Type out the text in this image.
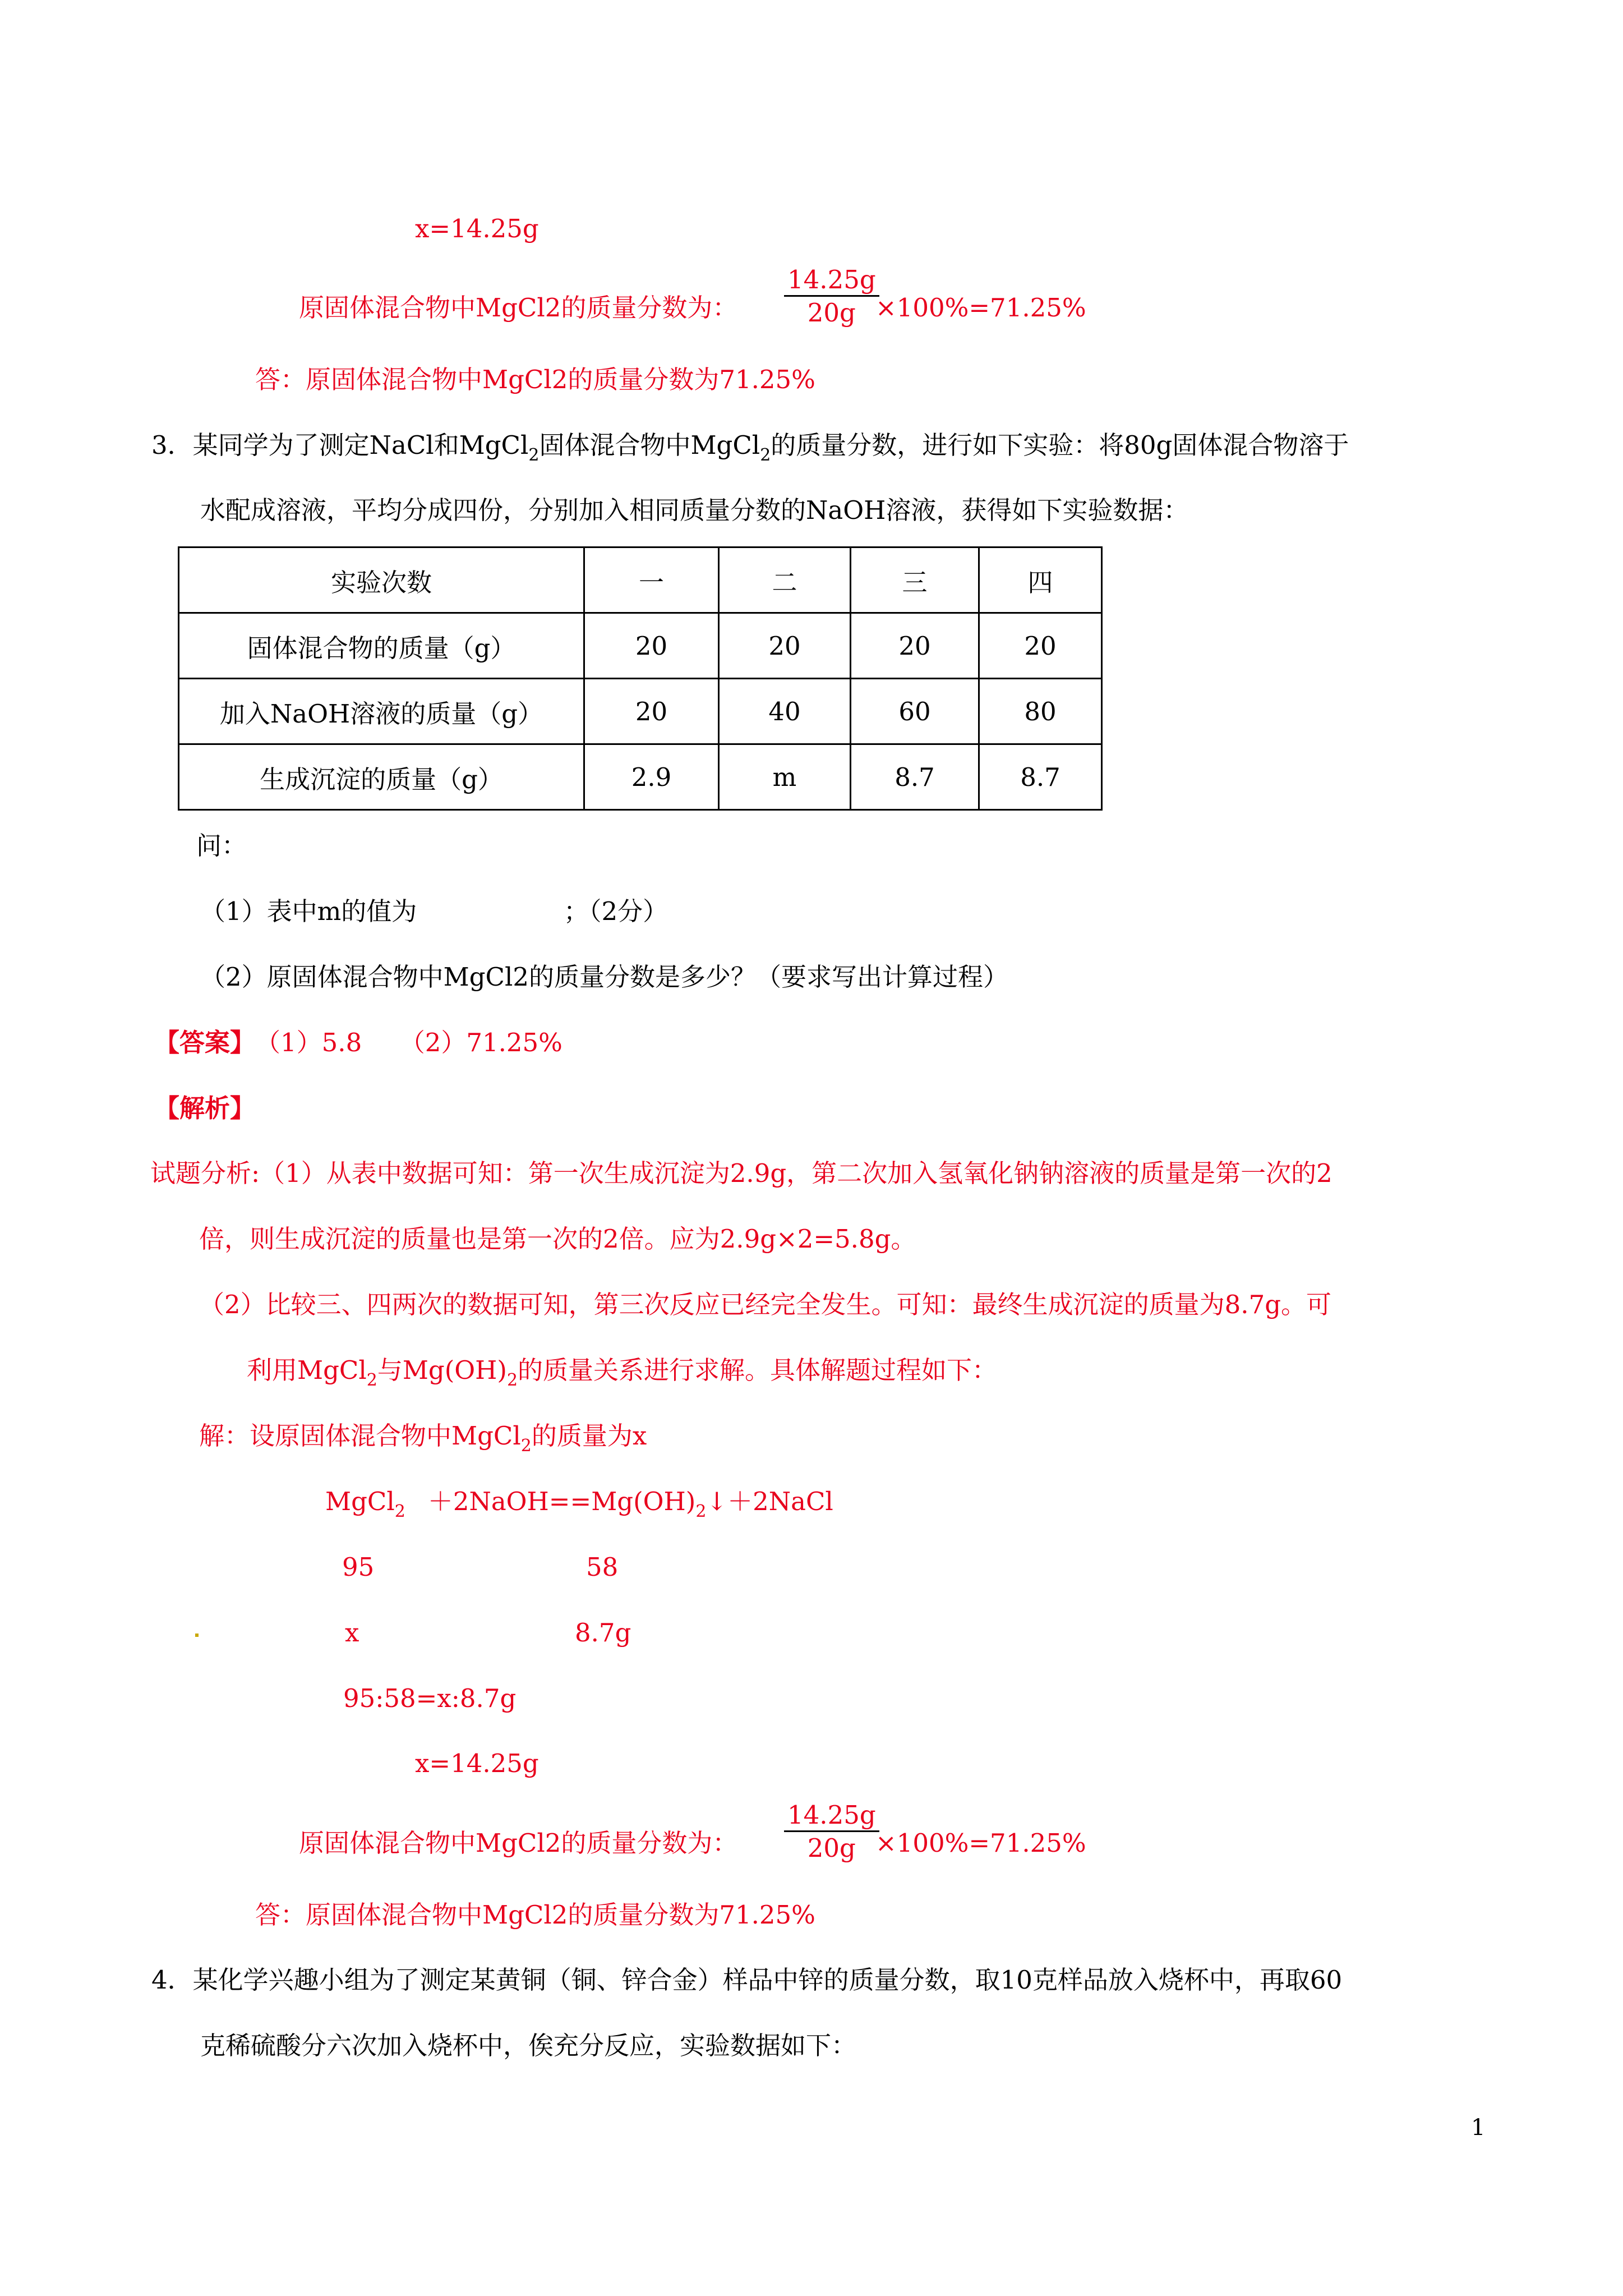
x=14.25g
原固体混合物中MgCl2的质量分数为：
14.25g
20g ×100%=71.25%
答：原固体混合物中MgCl2的质量分数为71.25%
3．某同学为了测定NaCl和MgCl$_2$固体混合物中MgCl$_2$的质量分数，进行如下实验：将80g固体混合物溶于
水配成溶液，平均分成四份，分别加入相同质量分数的NaOH溶液，获得如下实验数据：
实验次数	一	二	三	四
固体混合物的质量（g）	20	20	20	20
加入NaOH溶液的质量（g）	20	40	60	80
生成沉淀的质量（g）	2.9	m	8.7	8.7
问：
（1）表中m的值为	；（2分）
（2）原固体混合物中MgCl2的质量分数是多少？（要求写出计算过程）
【答案】 （1）5.8　　（2）71.25%
【解析】
试题分析:（1）从表中数据可知：第一次生成沉淀为2.9g，第二次加入氢氧化钠钠溶液的质量是第一次的2
倍，则生成沉淀的质量也是第一次的2倍。应为2.9g×2=5.8g。
（2）比较三、四两次的数据可知，第三次反应已经完全发生。可知：最终生成沉淀的质量为8.7g。可
利用MgCl$_2$与$Mg(OH)_2$的质量关系进行求解。具体解题过程如下：
解：设原固体混合物中MgCl$_2$的质量为x
MgCl$_2$ $+2NaOH==Mg(OH)_2↓+2NaCl$
95	58
x	8.7g
95:58=x:8.7g
x=14.25g
原固体混合物中MgCl2的质量分数为：
14.25g
20g ×100%=71.25%
答：原固体混合物中MgCl2的质量分数为71.25%
4．某化学兴趣小组为了测定某黄铜（铜、锌合金）样品中锌的质量分数，取10克样品放入烧杯中，再取60
克稀硫酸分六次加入烧杯中，俟充分反应，实验数据如下：
1
